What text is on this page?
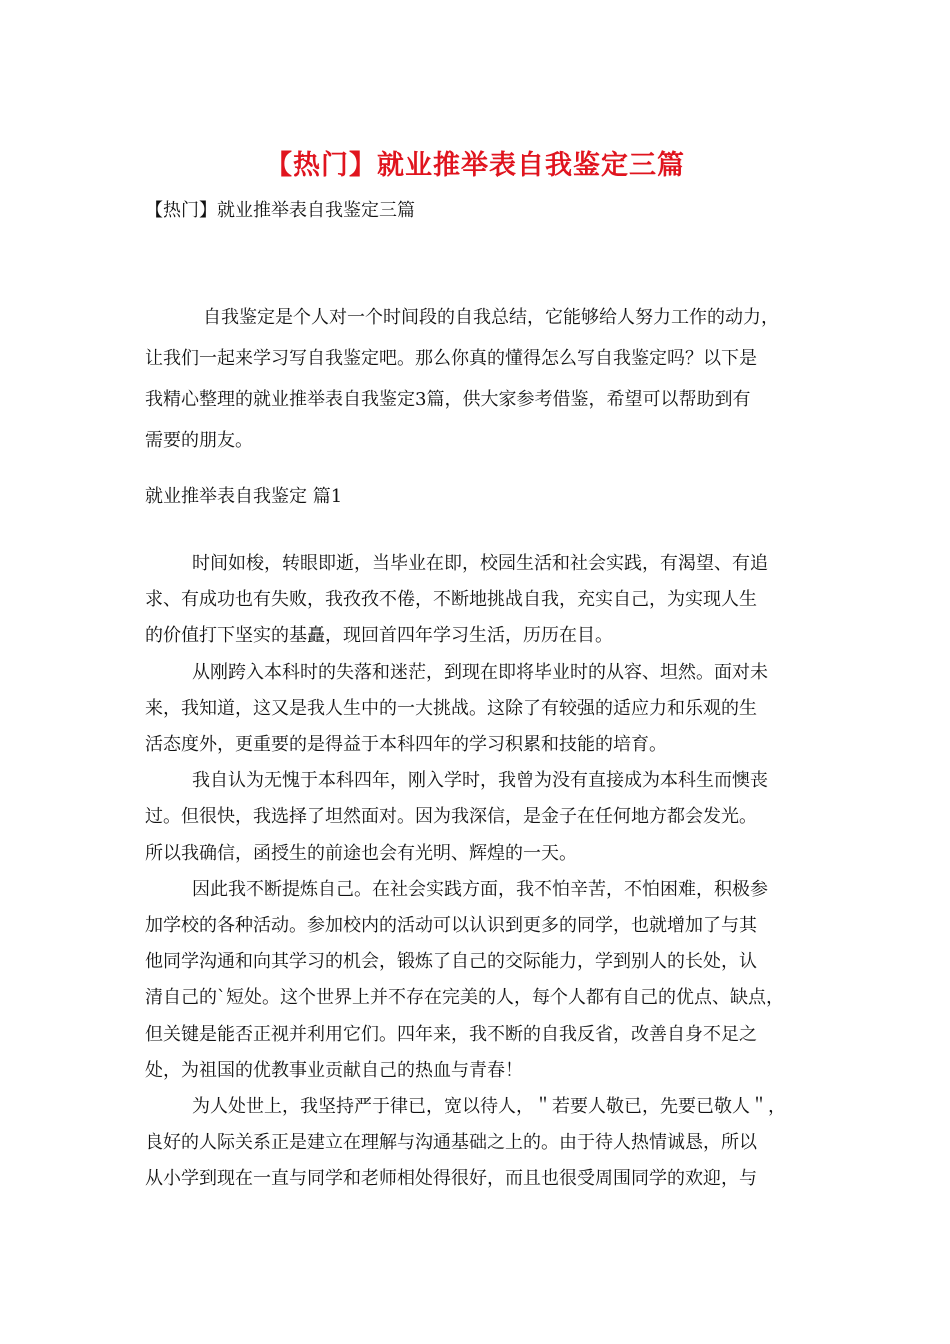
【热门】就业推举表自我鉴定三篇
【热门】就业推举表自我鉴定三篇
自我鉴定是个人对一个时间段的自我总结，它能够给人努力工作的动力，
让我们一起来学习写自我鉴定吧。那么你真的懂得怎么写自我鉴定吗？以下是
我精心整理的就业推举表自我鉴定3篇，供大家参考借鉴，希望可以帮助到有
需要的朋友。
就业推举表自我鉴定 篇1
时间如梭，转眼即逝，当毕业在即，校园生活和社会实践，有渴望、有追
求、有成功也有失败，我孜孜不倦，不断地挑战自我，充实自己，为实现人生
的价值打下坚实的基矗，现回首四年学习生活，历历在目。
从刚跨入本科时的失落和迷茫，到现在即将毕业时的从容、坦然。面对未
来，我知道，这又是我人生中的一大挑战。这除了有较强的适应力和乐观的生
活态度外，更重要的是得益于本科四年的学习积累和技能的培育。
我自认为无愧于本科四年，刚入学时，我曾为没有直接成为本科生而懊丧
过。但很快，我选择了坦然面对。因为我深信，是金子在任何地方都会发光。
所以我确信，函授生的前途也会有光明、辉煌的一天。
因此我不断提炼自己。在社会实践方面，我不怕辛苦，不怕困难，积极参
加学校的各种活动。参加校内的活动可以认识到更多的同学，也就增加了与其
他同学沟通和向其学习的机会，锻炼了自己的交际能力，学到别人的长处，认
清自己的`短处。这个世界上并不存在完美的人，每个人都有自己的优点、缺点，
但关键是能否正视并利用它们。四年来，我不断的自我反省，改善自身不足之
处，为祖国的优教事业贡献自己的热血与青春！
为人处世上，我坚持严于律已，宽以待人，＂若要人敬已，先要已敬人＂，
良好的人际关系正是建立在理解与沟通基础之上的。由于待人热情诚恳，所以
从小学到现在一直与同学和老师相处得很好，而且也很受周围同学的欢迎，与
